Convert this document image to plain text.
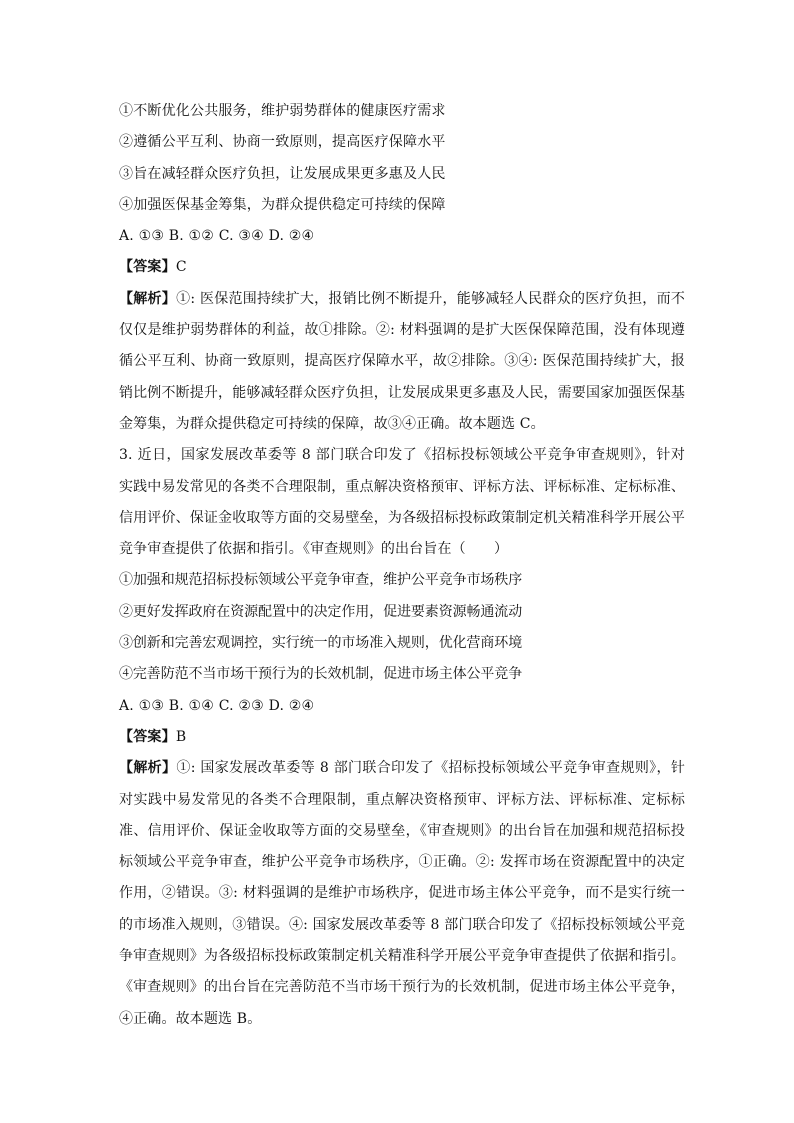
①不断优化公共服务，维护弱势群体的健康医疗需求
②遵循公平互利、协商一致原则，提高医疗保障水平
③旨在减轻群众医疗负担，让发展成果更多惠及人民
④加强医保基金筹集，为群众提供稳定可持续的保障
A. ①③ B. ①② C. ③④ D. ②④
【答案】C
【解析】①: 医保范围持续扩大，报销比例不断提升，能够减轻人民群众的医疗负担，而不仅仅是维护弱势群体的利益，故①排除。②: 材料强调的是扩大医保保障范围，没有体现遵循公平互利、协商一致原则，提高医疗保障水平，故②排除。③④: 医保范围持续扩大，报销比例不断提升，能够减轻群众医疗负担，让发展成果更多惠及人民，需要国家加强医保基金筹集，为群众提供稳定可持续的保障，故③④正确。故本题选 C。
3. 近日，国家发展改革委等 8 部门联合印发了《招标投标领域公平竞争审查规则》，针对实践中易发常见的各类不合理限制，重点解决资格预审、评标方法、评标标准、定标标准、信用评价、保证金收取等方面的交易壁垒，为各级招标投标政策制定机关精准科学开展公平竞争审查提供了依据和指引。《审查规则》的出台旨在（　　）
①加强和规范招标投标领域公平竞争审查，维护公平竞争市场秩序
②更好发挥政府在资源配置中的决定作用，促进要素资源畅通流动
③创新和完善宏观调控，实行统一的市场准入规则，优化营商环境
④完善防范不当市场干预行为的长效机制，促进市场主体公平竞争
A. ①③ B. ①④ C. ②③ D. ②④
【答案】B
【解析】①: 国家发展改革委等 8 部门联合印发了《招标投标领域公平竞争审查规则》，针对实践中易发常见的各类不合理限制，重点解决资格预审、评标方法、评标标准、定标标准、信用评价、保证金收取等方面的交易壁垒，《审查规则》的出台旨在加强和规范招标投标领域公平竞争审查，维护公平竞争市场秩序，①正确。②: 发挥市场在资源配置中的决定作用，②错误。③: 材料强调的是维护市场秩序，促进市场主体公平竞争，而不是实行统一的市场准入规则，③错误。④: 国家发展改革委等 8 部门联合印发了《招标投标领域公平竞争审查规则》为各级招标投标政策制定机关精准科学开展公平竞争审查提供了依据和指引。《审查规则》的出台旨在完善防范不当市场干预行为的长效机制，促进市场主体公平竞争，④正确。故本题选 B。
